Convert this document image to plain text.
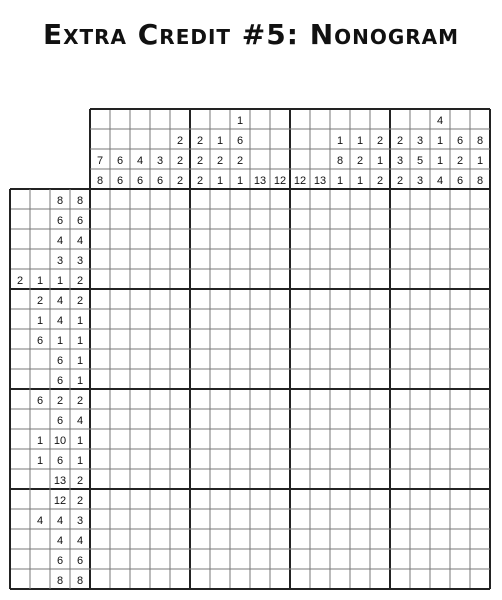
Extra Credit #5: Nonogram
7
8
6
6
4
6
3
6
2
2
2
2
2
2
1
2
1
1
6
2
1 13 12 12 13
1
8
1
1
2
1
2
1
2
2
3
2
3
5
3
4
1
1
4
6
2
6
8
1
8
8 8
6 6
4 4
3 3
2 1 1 2
2 4 2
1 4 1
6 1 1
6 1
6 1
6 2 2
6 4
1 10 1
1 6 1
13 2
12 2
4 4 3
4 4
6 6
8 8
